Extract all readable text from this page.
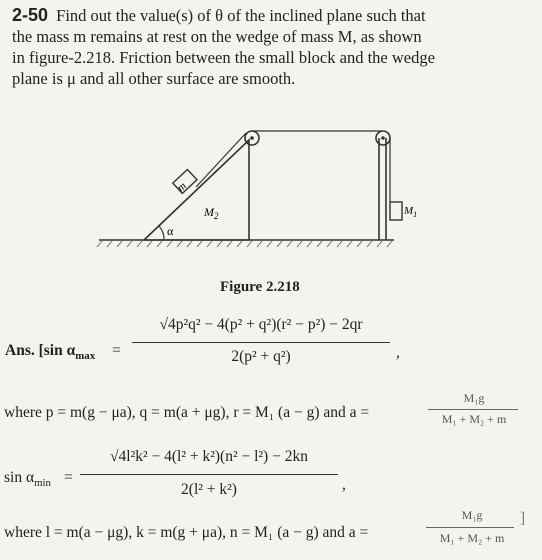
2-50 Find out the value(s) of θ of the inclined plane such that
the mass m remains at rest on the wedge of mass M, as shown
in figure-2.218. Friction between the small block and the wedge
plane is μ and all other surface are smooth.
m
$M_2$	$M_1$
α
Figure 2.218
Ans. [sin $\alpha_{max}$ =
√4p²q² − 4(p² + q²)(r² − p²) − 2qr
2(p² + q²)	,
where p = m(g − μa), q = m(a + μg), r = M₁ (a − g) and a =
M₁g
M₁ + M₂ + m
$\sin \alpha_{min}$ =
√4l²k² − 4(l² + k²)(n² − l²) − 2kn
2(l² + k²)	,
where l = m(a − μg), k = m(g + μa), n = M₁ (a − g) and a =
M₁g
M₁ + M₂ + m
]
